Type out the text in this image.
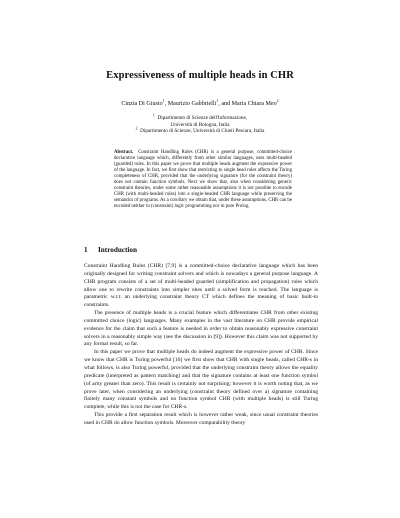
Expressiveness of multiple heads in CHR
Cinzia Di Giusto$^1$, Maurizio Gabbrielli$^1$, and Maria Chiara Meo$^2$
$^1$  Dipartimento di Scienze dell'Informazione,
Università di Bologna, Italia
$^2$  Dipartimento di Scienze, Università di Chieti Pescara, Italia
Abstract. Constraint Handling Rules (CHR) is a general purpose, committed-choice declarative language which, differently from other similar languages, uses multi-headed (guarded) rules. In this paper we prove that multiple heads augment the expressive power of the language. In fact, we first show that restricting to single head rules affects the Turing completeness of CHR, provided that the underlying signature (for the constraint theory) does not contain function symbols. Next we show that, also when considering generic constraint theories, under some rather reasonable assumptions it is not possible to encode CHR (with multi-headed rules) into a single-headed CHR language while preserving the semantics of programs. As a corollary we obtain that, under these assumptions, CHR can be encoded neither in (constraint) logic programming nor in pure Prolog.
1 Introduction

Constraint Handling Rules (CHR) [7,9] is a committed-choice declarative language which has been originally designed for writing constraint solvers and which is nowadays a general purpose language. A CHR program consists of a set of multi-headed guarded (simplification and propagation) rules which allow one to rewrite constraints into simpler ones until a solved form is reached. The language is parametric w.r.t. an underlying constraint theory CT which defines the meaning of basic built-in constraints.

The presence of multiple heads is a crucial feature which differentiates CHR from other existing committed choice (logic) languages. Many examples in the vast literature on CHR provide empirical evidence for the claim that such a feature is needed in order to obtain reasonably expressive constraint solvers in a reasonably simple way (see the discussion in [9]). However this claim was not supported by any formal result, so far.

In this paper we prove that multiple heads do indeed augment the expressive power of CHR. Since we know that CHR is Turing powerful [16] we first show that CHR with single heads, called CHR-s in what follows, is also Turing powerful, provided that the underlying constraint theory allows the equality predicate (interpreted as pattern matching) and that the signature contains at least one function symbol (of arity greater than zero). This result is certainly not surprising; however it is worth noting that, as we prove later, when considering an underlying (constraint theory defined over a) signature containing finitely many constant symbols and no function symbol CHR (with multiple heads) is still Turing complete, while this is not the case for CHR-s.

This provide a first separation result which is however rather weak, since usual constraint theories used in CHR do allow function symbols. Moreover computability theory
